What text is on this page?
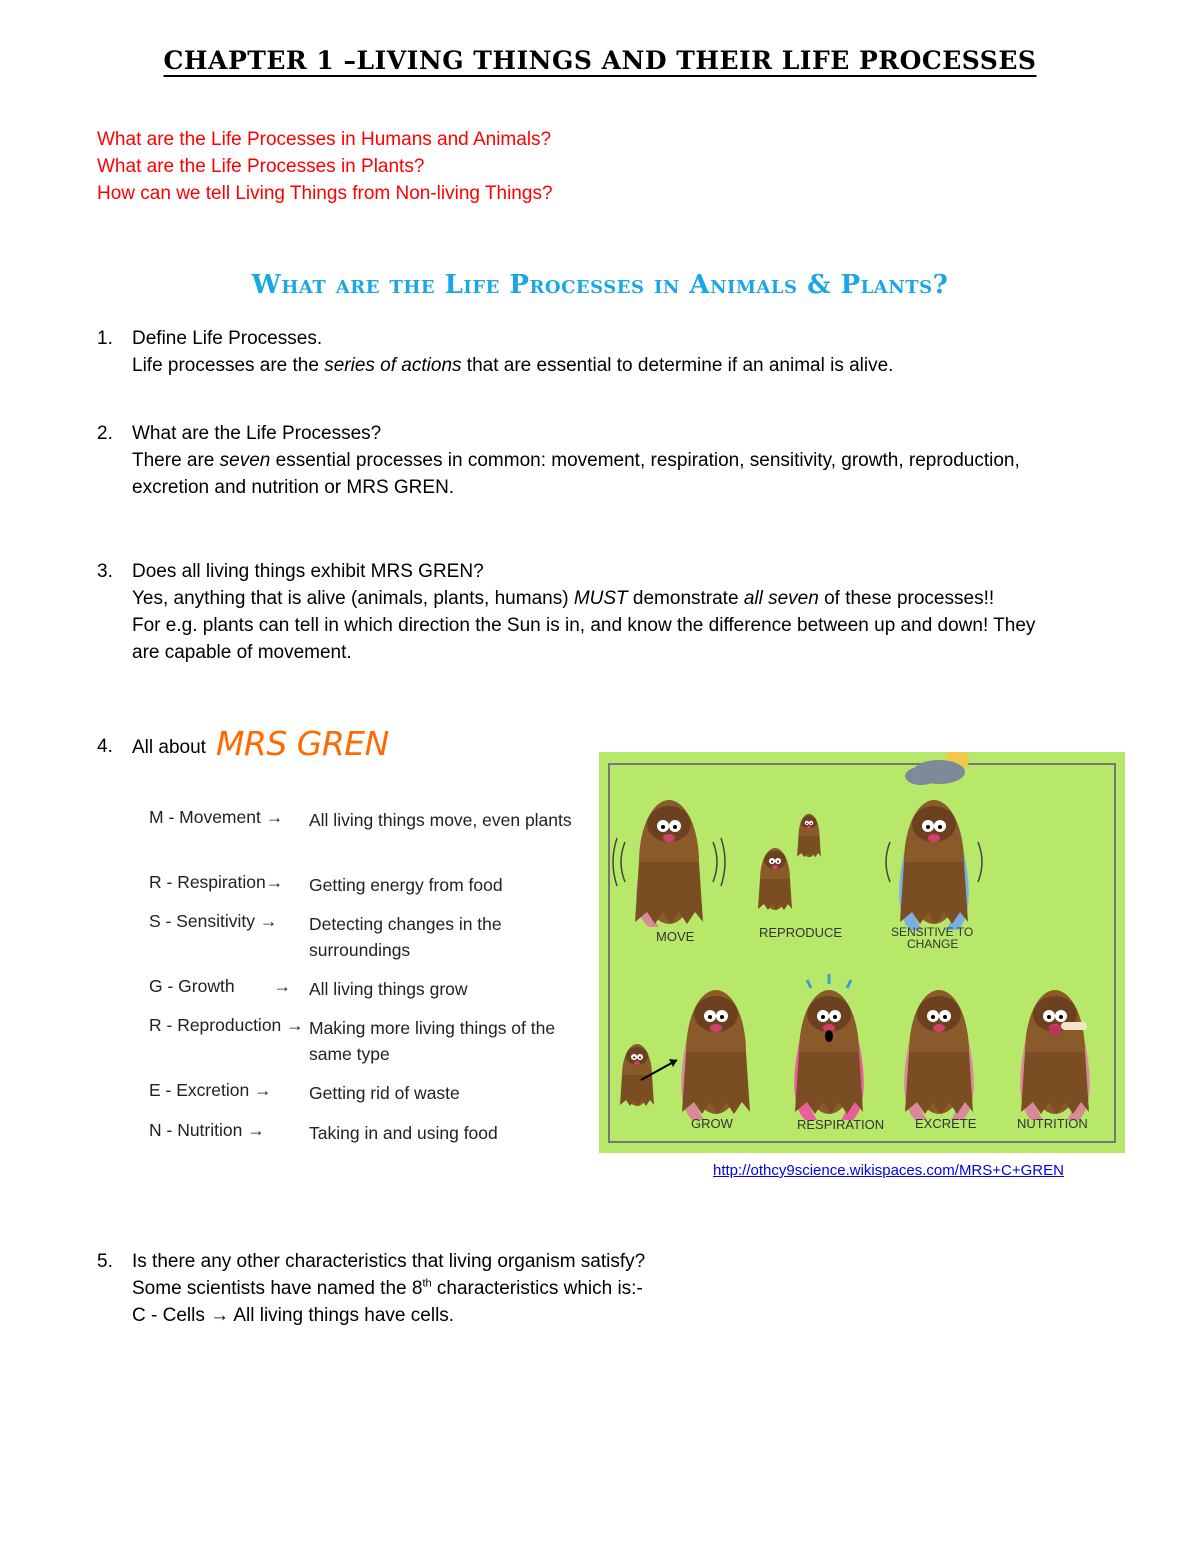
CHAPTER 1 –LIVING THINGS AND THEIR LIFE PROCESSES
What are the Life Processes in Humans and Animals?
What are the Life Processes in Plants?
How can we tell Living Things from Non-living Things?
What are the Life Processes in Animals & Plants?
1. Define Life Processes.
Life processes are the series of actions that are essential to determine if an animal is alive.
2. What are the Life Processes?
There are seven essential processes in common: movement, respiration, sensitivity, growth, reproduction, excretion and nutrition or MRS GREN.
3. Does all living things exhibit MRS GREN?
Yes, anything that is alive (animals, plants, humans) MUST demonstrate all seven of these processes!!
For e.g. plants can tell in which direction the Sun is in, and know the difference between up and down! They are capable of movement.
4. All about MRS GREN
M - Movement → All living things move, even plants
R - Respiration→ Getting energy from food
S - Sensitivity → Detecting changes in the surroundings
G - Growth        → All living things grow
R - Reproduction → Making more living things of the same type
E - Excretion → Getting rid of waste
N - Nutrition →	Taking in and using food
MOVE	REPRODUCE	SENSITIVE TO
CHANGE
GROW	RESPIRATION EXCRETE	NUTRITION
http://othcy9science.wikispaces.com/MRS+C+GREN
5. Is there any other characteristics that living organism satisfy?
Some scientists have named the 8th characteristics which is:-
C - Cells → All living things have cells.
